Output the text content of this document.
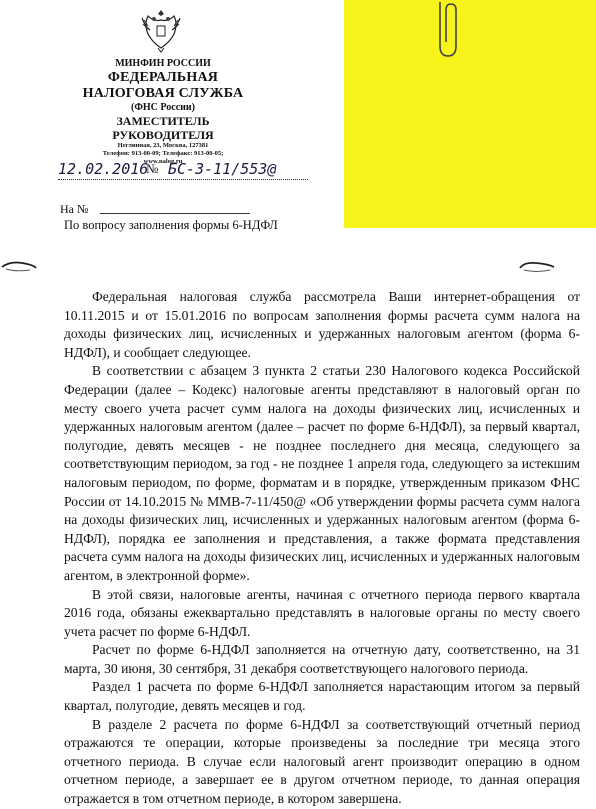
МИНФИН РОССИИ
ФЕДЕРАЛЬНАЯ
НАЛОГОВАЯ СЛУЖБА
(ФНС России)
ЗАМЕСТИТЕЛЬ РУКОВОДИТЕЛЯ
Неглинная, 23, Москва, 127381
Телефон: 913-00-09; Телефакс: 913-00-05;
www.nalog.ru
12.02.2016
№ БС-3-11/553@
На №
По вопросу заполнения формы 6-НДФЛ

Федеральная налоговая служба рассмотрела Ваши интернет-обращения от 10.11.2015 и от 15.01.2016 по вопросам заполнения формы расчета сумм налога на доходы физических лиц, исчисленных и удержанных налоговым агентом (форма 6-НДФЛ), и сообщает следующее.

В соответствии с абзацем 3 пункта 2 статьи 230 Налогового кодекса Российской Федерации (далее – Кодекс) налоговые агенты представляют в налоговый орган по месту своего учета расчет сумм налога на доходы физических лиц, исчисленных и удержанных налоговым агентом (далее – расчет по форме 6-НДФЛ), за первый квартал, полугодие, девять месяцев - не позднее последнего дня месяца, следующего за соответствующим периодом, за год - не позднее 1 апреля года, следующего за истекшим налоговым периодом, по форме, форматам и в порядке, утвержденным приказом ФНС России от 14.10.2015 № ММВ-7-11/450@ «Об утверждении формы расчета сумм налога на доходы физических лиц, исчисленных и удержанных налоговым агентом (форма 6-НДФЛ), порядка ее заполнения и представления, а также формата представления расчета сумм налога на доходы физических лиц, исчисленных и удержанных налоговым агентом, в электронной форме».

В этой связи, налоговые агенты, начиная с отчетного периода первого квартала 2016 года, обязаны ежеквартально представлять в налоговые органы по месту своего учета расчет по форме 6-НДФЛ.

Расчет по форме 6-НДФЛ заполняется на отчетную дату, соответственно, на 31 марта, 30 июня, 30 сентября, 31 декабря соответствующего налогового периода.

Раздел 1 расчета по форме 6-НДФЛ заполняется нарастающим итогом за первый квартал, полугодие, девять месяцев и год.

В разделе 2 расчета по форме 6-НДФЛ за соответствующий отчетный период отражаются те операции, которые произведены за последние три месяца этого отчетного периода. В случае если налоговый агент производит операцию в одном отчетном периоде, а завершает ее в другом отчетном периоде, то данная операция отражается в том отчетном периоде, в котором завершена.
